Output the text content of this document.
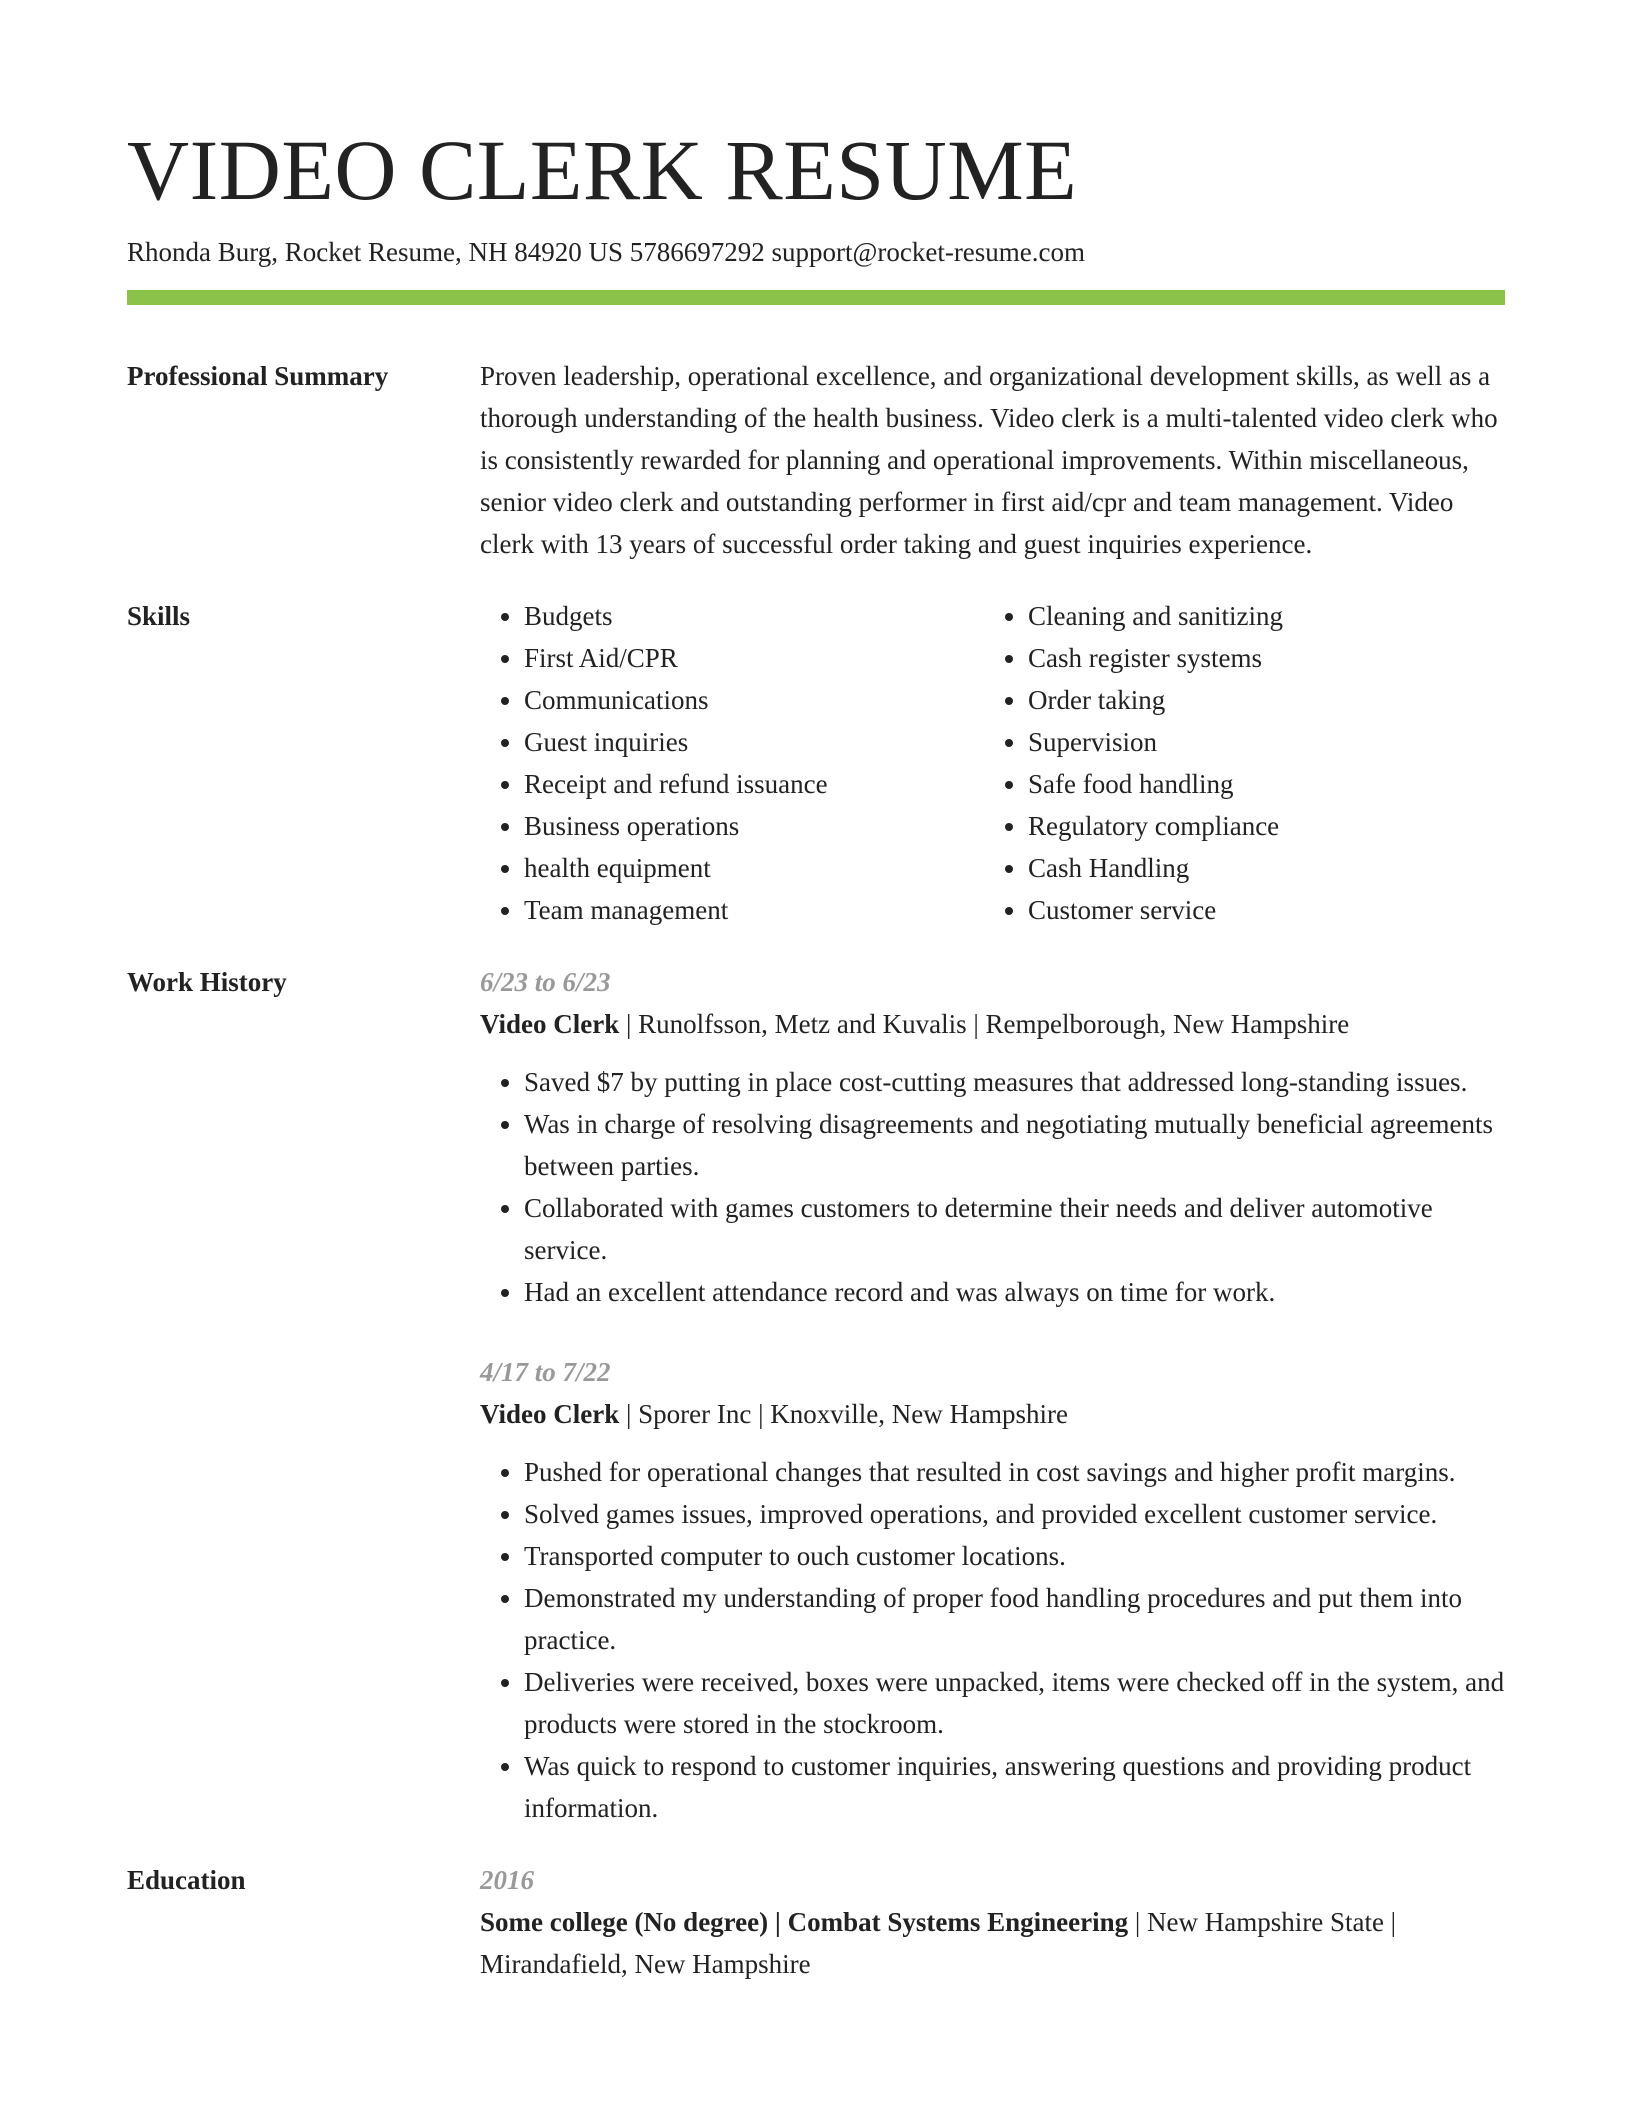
VIDEO CLERK RESUME
Rhonda Burg, Rocket Resume, NH 84920 US 5786697292 support@rocket-resume.com
Professional Summary	Proven leadership, operational excellence, and organizational development skills, as well as a thorough understanding of the health business. Video clerk is a multi-talented video clerk who is consistently rewarded for planning and operational improvements. Within miscellaneous, senior video clerk and outstanding performer in first aid/cpr and team management. Video clerk with 13 years of successful order taking and guest inquiries experience.

Skills
•	Budgets
• First Aid/CPR
• Communications
• Guest inquiries
• Receipt and refund issuance
• Business operations
• health equipment
• Team management
• Cleaning and sanitizing
• Cash register systems
• Order taking
• Supervision
• Safe food handling
• Regulatory compliance
• Cash Handling
• Customer service
Work History	6/23 to 6/23
Video Clerk | Runolfsson, Metz and Kuvalis | Rempelborough, New Hampshire
• Saved $7 by putting in place cost-cutting measures that addressed long-standing issues.
• Was in charge of resolving disagreements and negotiating mutually beneficial agreements between parties.
• Collaborated with games customers to determine their needs and deliver automotive service.
• Had an excellent attendance record and was always on time for work.
4/17 to 7/22
Video Clerk | Sporer Inc | Knoxville, New Hampshire
• Pushed for operational changes that resulted in cost savings and higher profit margins.
• Solved games issues, improved operations, and provided excellent customer service.
• Transported computer to ouch customer locations.
• Demonstrated my understanding of proper food handling procedures and put them into practice.
• Deliveries were received, boxes were unpacked, items were checked off in the system, and products were stored in the stockroom.
• Was quick to respond to customer inquiries, answering questions and providing product information.
Education	2016
Some college (No degree) | Combat Systems Engineering | New Hampshire State | Mirandafield, New Hampshire
